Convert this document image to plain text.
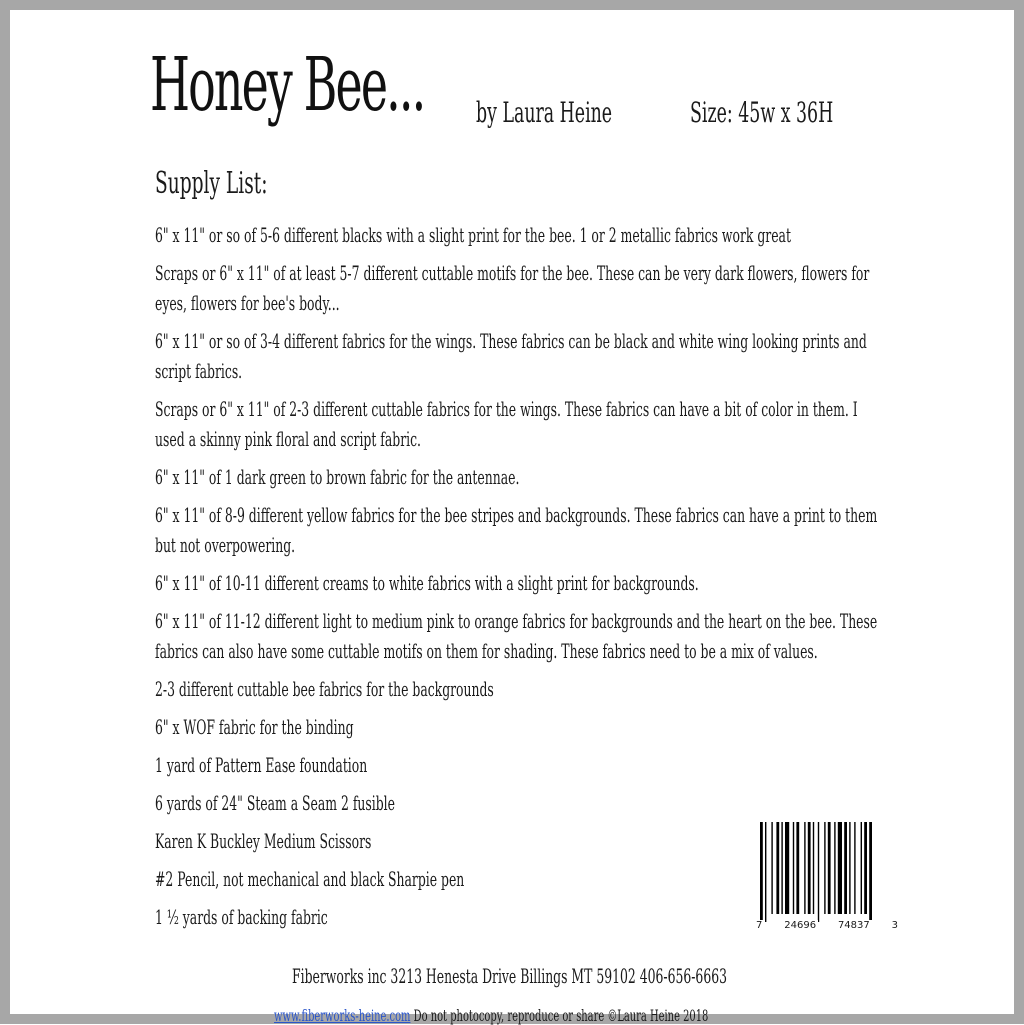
Honey Bee... by Laura Heine	Size: 45w x 36H
Supply List:

6" x 11" or so of 5-6 different blacks with a slight print for the bee. 1 or 2 metallic fabrics work great

Scraps or 6" x 11" of at least 5-7 different cuttable motifs for the bee. These can be very dark flowers, flowers for eyes, flowers for bee's body...

6" x 11" or so of 3-4 different fabrics for the wings. These fabrics can be black and white wing looking prints and script fabrics.

Scraps or 6" x 11" of 2-3 different cuttable fabrics for the wings. These fabrics can have a bit of color in them. I used a skinny pink floral and script fabric.

6" x 11" of 1 dark green to brown fabric for the antennae.

6" x 11" of 8-9 different yellow fabrics for the bee stripes and backgrounds. These fabrics can have a print to them but not overpowering.

6" x 11" of 10-11 different creams to white fabrics with a slight print for backgrounds.

6" x 11" of 11-12 different light to medium pink to orange fabrics for backgrounds and the heart on the bee. These fabrics can also have some cuttable motifs on them for shading. These fabrics need to be a mix of values.

2-3 different cuttable bee fabrics for the backgrounds

6" x WOF fabric for the binding

1 yard of Pattern Ease foundation

6 yards of 24" Steam a Seam 2 fusible

Karen K Buckley Medium Scissors

#2 Pencil, not mechanical and black Sharpie pen

1 ½ yards of backing fabric	7 24696 74837 3
Fiberworks inc 3213 Henesta Drive Billings MT 59102 406-656-6663
www.fiberworks-heine.com Do not photocopy, reproduce or share ©Laura Heine 2018
